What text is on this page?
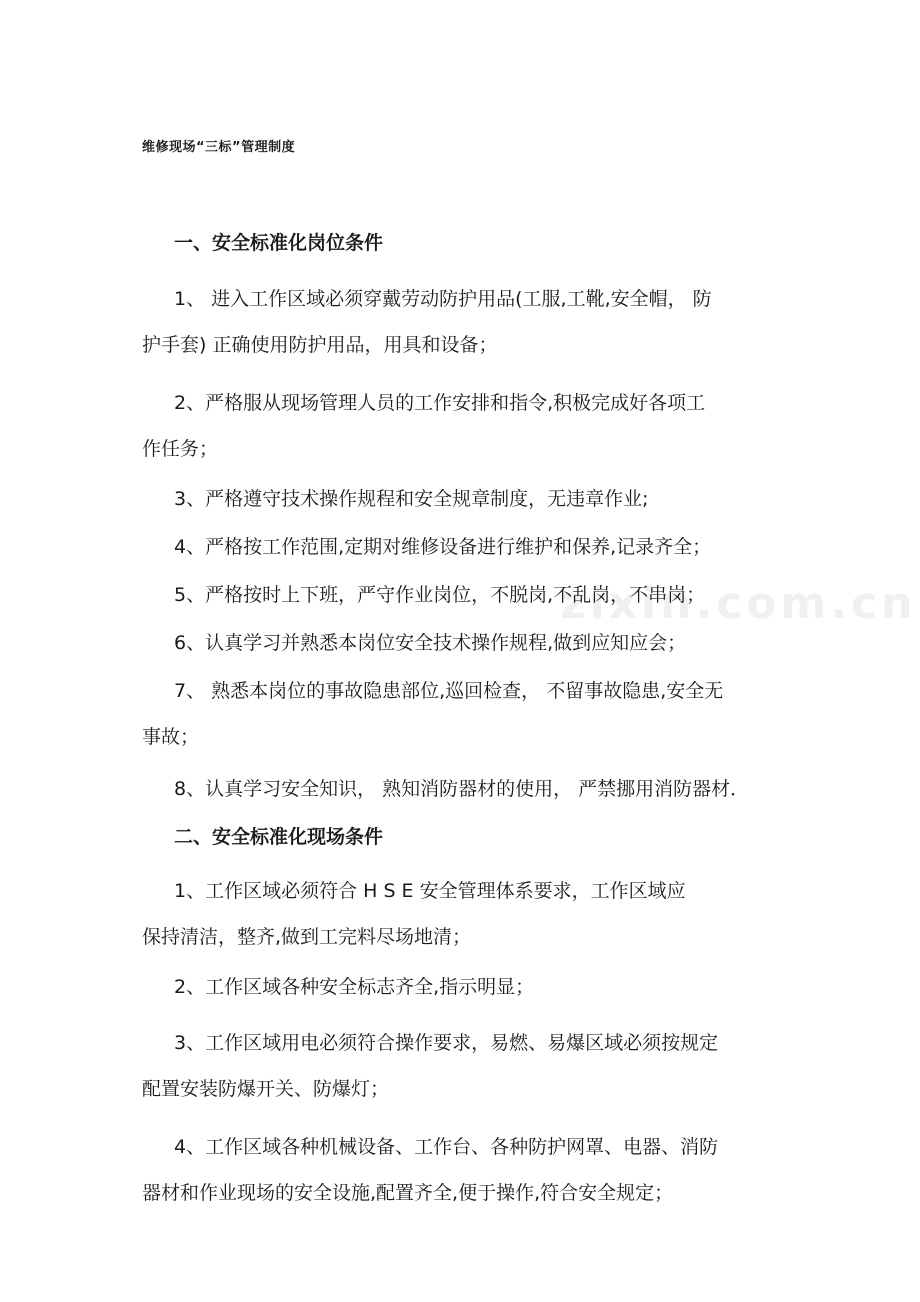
zixin.com.cn
维修现场“三标”管理制度

一、安全标准化岗位条件

1、 进入工作区域必须穿戴劳动防护用品(工服,工靴,安全帽， 防

护手套) 正确使用防护用品，用具和设备；

2、严格服从现场管理人员的工作安排和指令,积极完成好各项工

作任务；

3、严格遵守技术操作规程和安全规章制度，无违章作业;

4、严格按工作范围,定期对维修设备进行维护和保养,记录齐全；

5、严格按时上下班，严守作业岗位，不脱岗,不乱岗，不串岗；

6、认真学习并熟悉本岗位安全技术操作规程,做到应知应会；

7、 熟悉本岗位的事故隐患部位,巡回检查， 不留事故隐患,安全无

事故；

8、认真学习安全知识， 熟知消防器材的使用， 严禁挪用消防器材．

二、安全标准化现场条件

1、工作区域必须符合 H S E 安全管理体系要求，工作区域应

保持清洁，整齐,做到工完料尽场地清；

2、工作区域各种安全标志齐全,指示明显；

3、工作区域用电必须符合操作要求，易燃、易爆区域必须按规定

配置安装防爆开关、防爆灯；

4、工作区域各种机械设备、工作台、各种防护网罩、电器、消防

器材和作业现场的安全设施,配置齐全,便于操作,符合安全规定；
